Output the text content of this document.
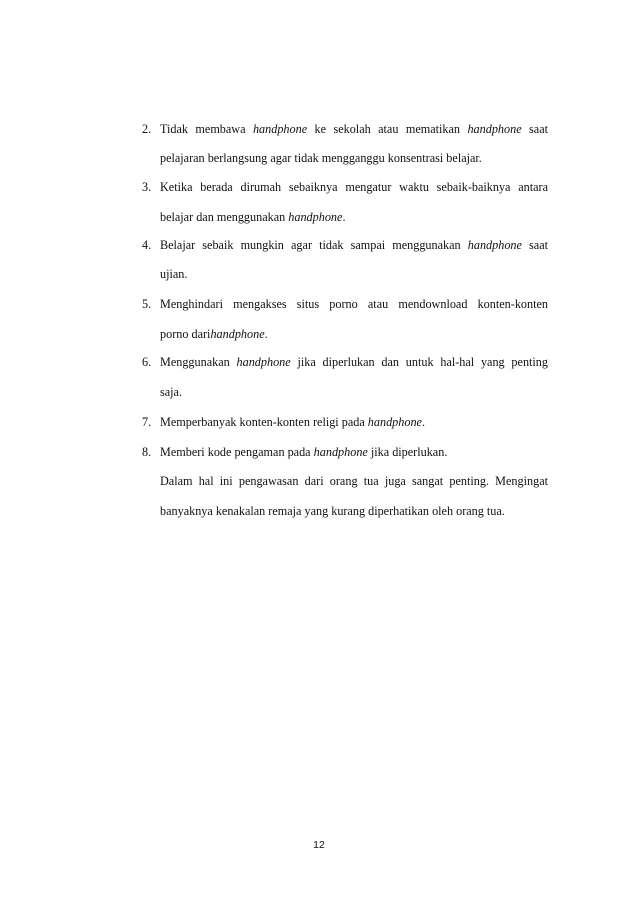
2. Tidak membawa handphone ke sekolah atau mematikan handphone saat
pelajaran berlangsung agar tidak mengganggu konsentrasi belajar.
3. Ketika berada dirumah sebaiknya mengatur waktu sebaik-baiknya antara
belajar dan menggunakan handphone.
4. Belajar sebaik mungkin agar tidak sampai menggunakan handphone saat
ujian.
5. Menghindari mengakses situs porno atau mendownload konten-konten
porno darihandphone.
6. Menggunakan handphone jika diperlukan dan untuk hal-hal yang penting
saja.
7. Memperbanyak konten-konten religi pada handphone.
8. Memberi kode pengaman pada handphone jika diperlukan.
Dalam hal ini pengawasan dari orang tua juga sangat penting. Mengingat
banyaknya kenakalan remaja yang kurang diperhatikan oleh orang tua.
12
